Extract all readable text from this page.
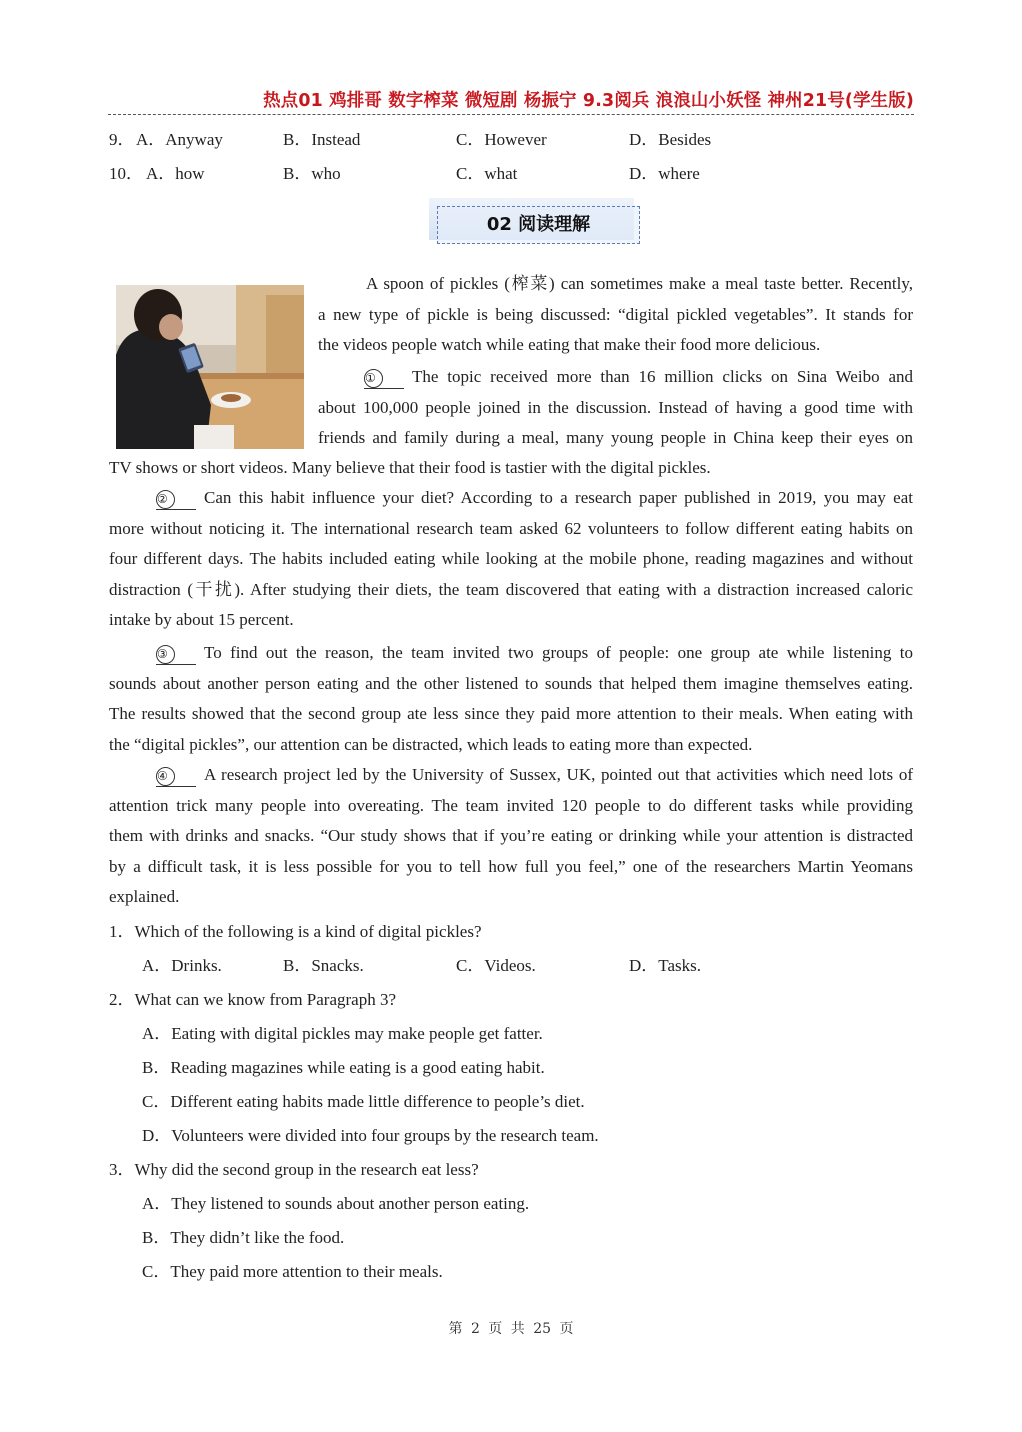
热点01 鸡排哥 数字榨菜 微短剧 杨振宁 9.3阅兵 浪浪山小妖怪 神州21号(学生版)
9． A．Anyway	B．Instead	C．However	D．Besides
10． A．how	B．who	C．what	D．where
02 阅读理解
A spoon of pickles (榨菜) can sometimes make a meal taste better. Recently,
a new type of pickle is being discussed: “digital pickled vegetables”. It stands for
the videos people watch while eating that make their food more delicious.
① The topic received more than 16 million clicks on Sina Weibo and
about 100,000 people joined in the discussion. Instead of having a good time with
friends and family during a meal, many young people in China keep their eyes on
TV shows or short videos. Many believe that their food is tastier with the digital pickles.
② Can this habit influence your diet? According to a research paper published in 2019, you may eat
more without noticing it. The international research team asked 62 volunteers to follow different eating habits on
four different days. The habits included eating while looking at the mobile phone, reading magazines and without
distraction (干扰). After studying their diets, the team discovered that eating with a distraction increased caloric
intake by about 15 percent.
③ To find out the reason, the team invited two groups of people: one group ate while listening to
sounds about another person eating and the other listened to sounds that helped them imagine themselves eating.
The results showed that the second group ate less since they paid more attention to their meals. When eating with
the “digital pickles”, our attention can be distracted, which leads to eating more than expected.
④ A research project led by the University of Sussex, UK, pointed out that activities which need lots of
attention trick many people into overeating. The team invited 120 people to do different tasks while providing
them with drinks and snacks. “Our study shows that if you’re eating or drinking while your attention is distracted
by a difficult task, it is less possible for you to tell how full you feel,” one of the researchers Martin Yeomans
explained.
1．Which of the following is a kind of digital pickles?
A．Drinks.	B．Snacks.	C．Videos.	D．Tasks.
2．What can we know from Paragraph 3?
A．Eating with digital pickles may make people get fatter.
B．Reading magazines while eating is a good eating habit.
C．Different eating habits made little difference to people’s diet.
D．Volunteers were divided into four groups by the research team.
3．Why did the second group in the research eat less?
A．They listened to sounds about another person eating.
B．They didn’t like the food.
C．They paid more attention to their meals.
第 2 页 共 25 页
